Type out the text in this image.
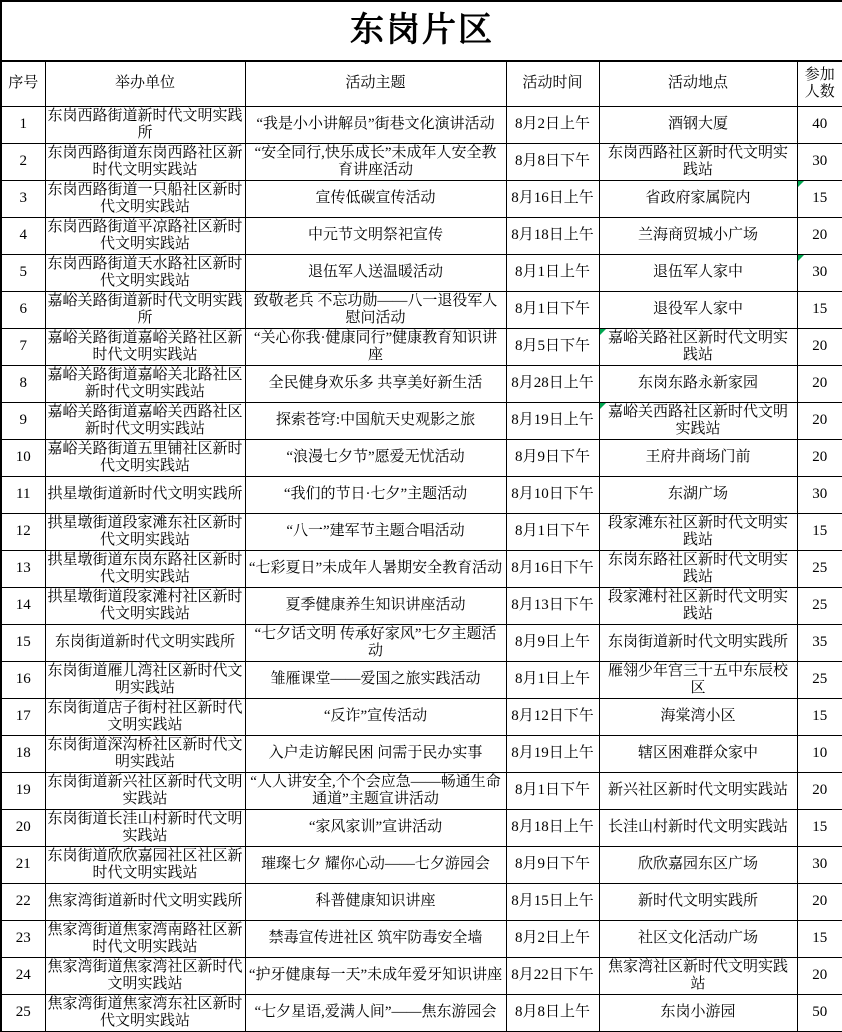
东岗片区					
序号	举办单位	活动主题	活动时间	活动地点	参加人数
1	东岗西路街道新时代文明实践所	“我是小小讲解员”街巷文化演讲活动	8月2日上午	酒钢大厦	40
2	东岗西路街道东岗西路社区新时代文明实践站	“安全同行,快乐成长”未成年人安全教育讲座活动	8月8日下午	东岗西路社区新时代文明实践站	30
3	东岗西路街道一只船社区新时代文明实践站	宣传低碳宣传活动	8月16日上午	省政府家属院内	15

4	东岗西路街道平凉路社区新时代文明实践站	中元节文明祭祀宣传	8月18日上午	兰海商贸城小广场	20
5	东岗西路街道天水路社区新时代文明实践站	退伍军人送温暖活动	8月1日上午	退伍军人家中	30

6	嘉峪关路街道新时代文明实践所	致敬老兵 不忘功勋——八一退役军人慰问活动	8月1日下午	退役军人家中	15
7	嘉峪关路街道嘉峪关路社区新时代文明实践站	“关心你我·健康同行”健康教育知识讲座	8月5日下午	嘉峪关路社区新时代文明实践站	20
8	嘉峪关路街道嘉峪关北路社区新时代文明实践站	全民健身欢乐多 共享美好新生活	8月28日上午	东岗东路永新家园	20
9	嘉峪关路街道嘉峪关西路社区新时代文明实践站	探索苍穹:中国航天史观影之旅	8月19日上午	嘉峪关西路社区新时代文明实践站	20
10	嘉峪关路街道五里铺社区新时代文明实践站	“浪漫七夕节”愿爱无忧活动	8月9日下午	王府井商场门前	20
11	拱星墩街道新时代文明实践所	“我们的节日·七夕”主题活动	8月10日下午	东湖广场	30
12	拱星墩街道段家滩东社区新时代文明实践站	“八一”建军节主题合唱活动	8月1日下午	段家滩东社区新时代文明实践站	15
13	拱星墩街道东岗东路社区新时代文明实践站	“七彩夏日”未成年人暑期安全教育活动	8月16日下午	东岗东路社区新时代文明实践站	25
14	拱星墩街道段家滩村社区新时代文明实践站	夏季健康养生知识讲座活动	8月13日下午	段家滩村社区新时代文明实践站	25
15	东岗街道新时代文明实践所	“七夕话文明 传承好家风”七夕主题活动	8月9日上午	东岗街道新时代文明实践所	35
16	东岗街道雁儿湾社区新时代文明实践站	雏雁课堂——爱国之旅实践活动	8月1日上午	雁翎少年宫三十五中东辰校区	25
17	东岗街道店子街村社区新时代文明实践站	“反诈”宣传活动	8月12日下午	海棠湾小区	15
18	东岗街道深沟桥社区新时代文明实践站	入户走访解民困 问需于民办实事	8月19日上午	辖区困难群众家中	10
19	东岗街道新兴社区新时代文明实践站	“人人讲安全,个个会应急——畅通生命通道”主题宣讲活动	8月1日下午	新兴社区新时代文明实践站	20
20	东岗街道长洼山村新时代文明实践站	“家风家训”宣讲活动	8月18日上午	长洼山村新时代文明实践站	15
21	东岗街道欣欣嘉园社区社区新时代文明实践站	璀璨七夕 耀你心动——七夕游园会	8月9日下午	欣欣嘉园东区广场	30
22	焦家湾街道新时代文明实践所	科普健康知识讲座	8月15日上午	新时代文明实践所	20
23	焦家湾街道焦家湾南路社区新时代文明实践站	禁毒宣传进社区 筑牢防毒安全墙	8月2日上午	社区文化活动广场	15
24	焦家湾街道焦家湾社区新时代文明实践站	“护牙健康每一天”未成年爱牙知识讲座	8月22日下午	焦家湾社区新时代文明实践站	20
25	焦家湾街道焦家湾东社区新时代文明实践站	“七夕星语,爱满人间”——焦东游园会	8月8日上午	东岗小游园	50
